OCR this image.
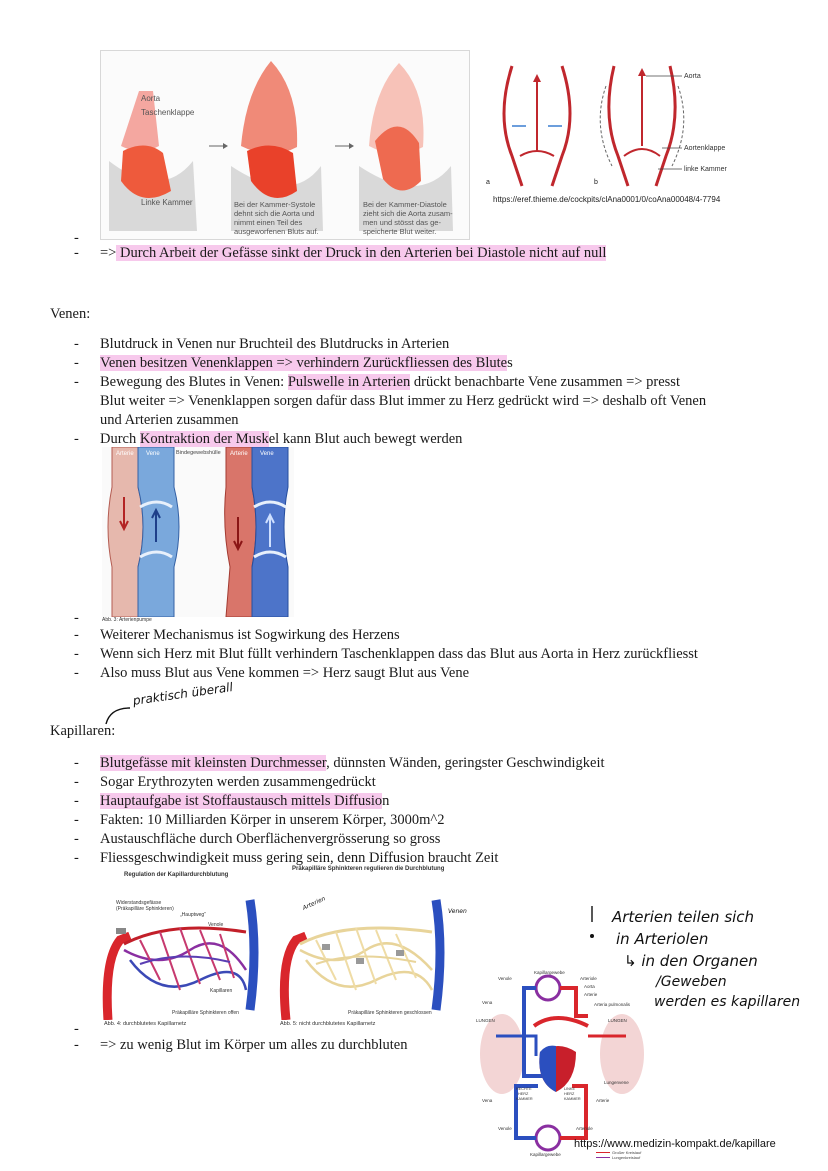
Aorta
Taschenklappe
Linke Kammer	Bei der Kammer-Systole
dehnt sich die Aorta und
nimmt einen Teil des
ausgeworfenen Bluts auf.
Bei der Kammer-Diastole
zieht sich die Aorta zusam-
men und stösst das ge-
speicherte Blut weiter.
a	b
Aorta
Aortenklappe
linke Kammer
https://eref.thieme.de/cockpits/clAna0001/0/coAna00048/4-7794
-
- => Durch Arbeit der Gefässe sinkt der Druck in den Arterien bei Diastole nicht auf null
Venen:
- Blutdruck in Venen nur Bruchteil des Blutdrucks in Arterien
- Venen besitzen Venenklappen => verhindern Zurückfliessen des Blutes
- Bewegung des Blutes in Venen: Pulswelle in Arterien drückt benachbarte Vene zusammen => presst
Blut weiter => Venenklappen sorgen dafür dass Blut immer zu Herz gedrückt wird => deshalb oft Venen
und Arterien zusammen
- Durch Kontraktion der Muskel kann Blut auch bewegt werden
Arterie Vene	Bindegewebshülle Arterie Vene
Abb. 3: Arterienpumpe
-
- Weiterer Mechanismus ist Sogwirkung des Herzens
- Wenn sich Herz mit Blut füllt verhindern Taschenklappen dass das Blut aus Aorta in Herz zurückfliesst
- Also muss Blut aus Vene kommen => Herz saugt Blut aus Vene
praktisch überall
Kapillaren:
- Blutgefässe mit kleinsten Durchmesser, dünnsten Wänden, geringster Geschwindigkeit
- Sogar Erythrozyten werden zusammengedrückt
- Hauptaufgabe ist Stoffaustausch mittels Diffusion
- Fakten: 10 Milliarden Körper in unserem Körper, 3000m^2
- Austauschfläche durch Oberflächenvergrösserung so gross
- Fliessgeschwindigkeit muss gering sein, denn Diffusion braucht Zeit
Regulation der Kapillardurchblutung
Präkapilläre Sphinkteren regulieren die Durchblutung
Widerstandsgefässe
(Präkapilläre Sphinkteren)
„Hauptweg“
Venole
Kapillaren
Präkapilläre Sphinkteren offen
Abb. 4: durchblutetes Kapillarnetz
Präkapilläre Sphinkteren geschlossen
Abb. 5: nicht durchblutetes Kapillarnetz
Arterien	Venen
-
- => zu wenig Blut im Körper um alles zu durchbluten
Arterien teilen sich
in Arteriolen
↳ in den Organen
/Geweben
werden es kapillaren
Kapillargewebe
Venole	Arteriole
Aorta
Arterie
Vena	Arteria pulmonalis
LUNGEN	LUNGEN
RECHTE
HERZ
KAMMER
LINKE
HERZ
KAMMER
Lungenvene
Vena	Arterie
Venole	Arteriole
Kapillargewebe
https://www.medizin-kompakt.de/kapillare
Großer Kreislauf
Lungenkreislauf
